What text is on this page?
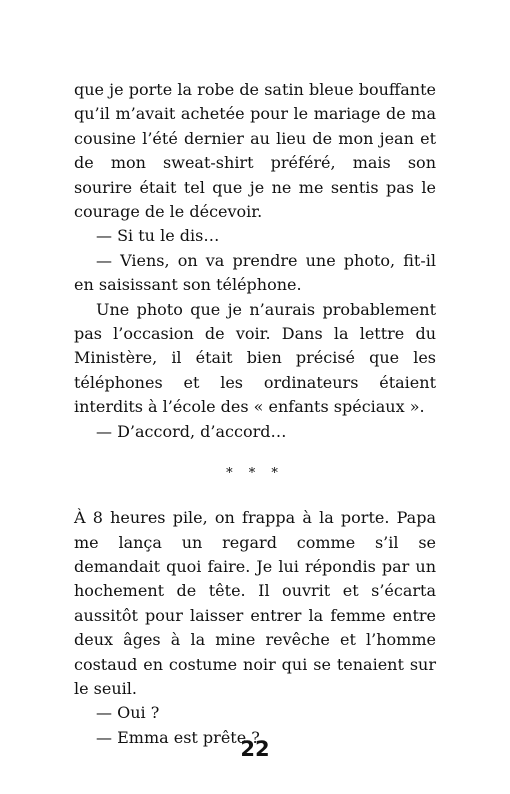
que je porte la robe de satin bleue bouffante qu’il m’avait achetée pour le mariage de ma cousine l’été dernier au lieu de mon jean et de mon sweat-shirt préféré, mais son sourire était tel que je ne me sentis pas le courage de le décevoir.

— Si tu le dis…

— Viens, on va prendre une photo, fit-il en saisissant son téléphone.

Une photo que je n’aurais probablement pas l’occasion de voir. Dans la lettre du Ministère, il était bien précisé que les téléphones et les ordinateurs étaient interdits à l’école des « enfants spéciaux ».

— D’accord, d’accord…

* * *

À 8 heures pile, on frappa à la porte. Papa me lança un regard comme s’il se demandait quoi faire. Je lui répondis par un hochement de tête. Il ouvrit et s’écarta aussitôt pour laisser entrer la femme entre deux âges à la mine revêche et l’homme costaud en costume noir qui se tenaient sur le seuil.

— Oui ?

— Emma est prête ?

22
